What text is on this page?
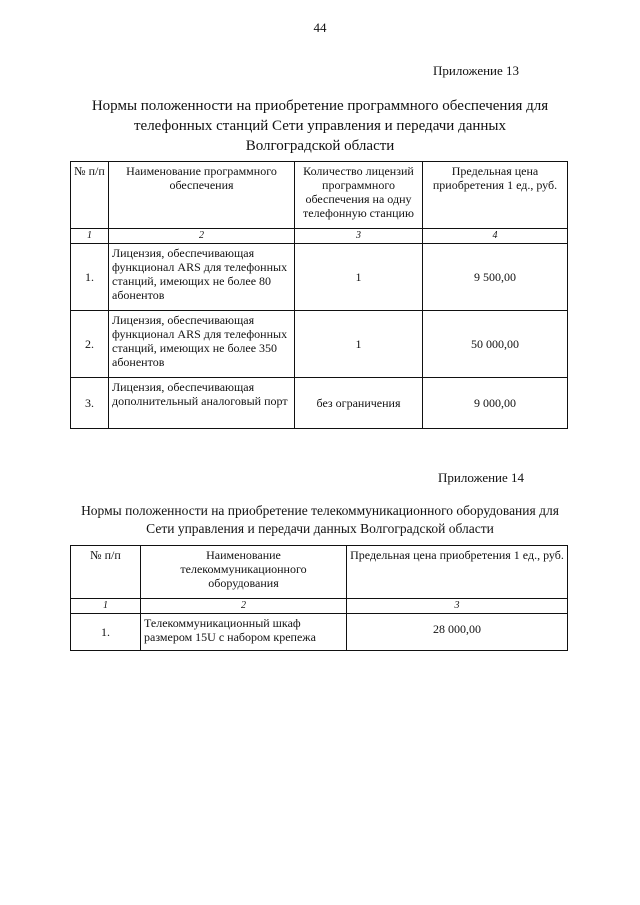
44
Приложение 13
Нормы положенности на приобретение программного обеспечения для
телефонных станций Сети управления и передачи данных
Волгоградской области
№ п/п	Наименование программного обеспечения	Количество лицензий программного обеспечения на одну телефонную станцию	Предельная цена приобретения 1 ед., руб.
1	2	3	4
1.	Лицензия, обеспечивающая функционал ARS для телефонных станций, имеющих не более 80 абонентов	1	9 500,00
2.	Лицензия, обеспечивающая функционал ARS для телефонных станций, имеющих не более 350 абонентов	1	50 000,00
3.	Лицензия, обеспечивающая дополнительный аналоговый порт	без ограничения	9 000,00
Приложение 14
Нормы положенности на приобретение телекоммуникационного оборудования для
Сети управления и передачи данных Волгоградской области
№ п/п	Наименование телекоммуникационного оборудования	Предельная цена приобретения 1 ед., руб.
1	2	3
1.	Телекоммуникационный шкаф размером 15U с набором крепежа	28 000,00
